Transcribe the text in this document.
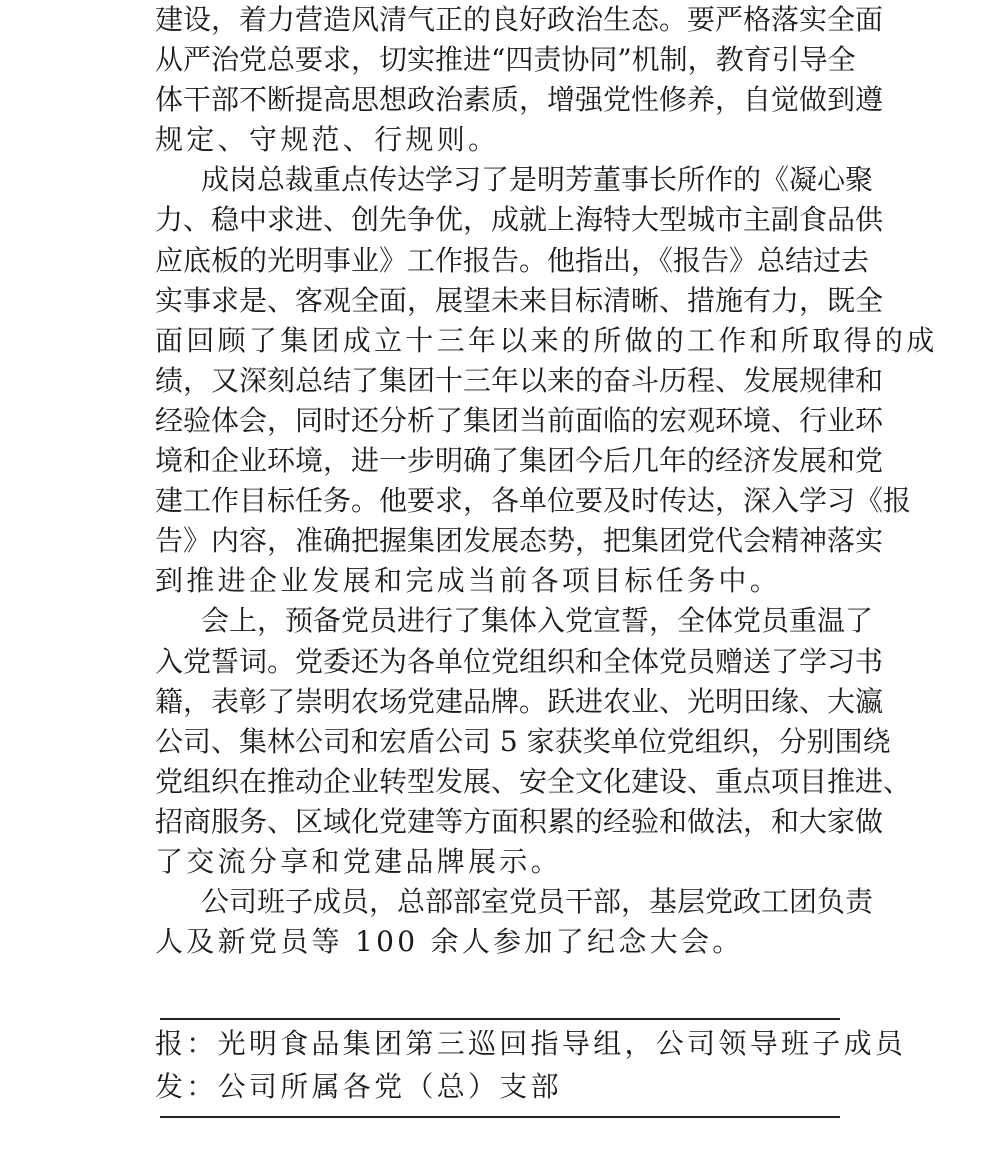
建设，着力营造风清气正的良好政治生态。要严格落实全面
从严治党总要求，切实推进“四责协同”机制，教育引导全
体干部不断提高思想政治素质，增强党性修养，自觉做到遵
规定、守规范、行规则。
成岗总裁重点传达学习了是明芳董事长所作的《凝心聚
力、稳中求进、创先争优，成就上海特大型城市主副食品供
应底板的光明事业》工作报告。他指出，《报告》总结过去
实事求是、客观全面，展望未来目标清晰、措施有力，既全
面回顾了集团成立十三年以来的所做的工作和所取得的成
绩，又深刻总结了集团十三年以来的奋斗历程、发展规律和
经验体会，同时还分析了集团当前面临的宏观环境、行业环
境和企业环境，进一步明确了集团今后几年的经济发展和党
建工作目标任务。他要求，各单位要及时传达，深入学习《报
告》内容，准确把握集团发展态势，把集团党代会精神落实
到推进企业发展和完成当前各项目标任务中。
会上，预备党员进行了集体入党宣誓，全体党员重温了
入党誓词。党委还为各单位党组织和全体党员赠送了学习书
籍，表彰了崇明农场党建品牌。跃进农业、光明田缘、大瀛
公司、集林公司和宏盾公司 5 家获奖单位党组织，分别围绕
党组织在推动企业转型发展、安全文化建设、重点项目推进、
招商服务、区域化党建等方面积累的经验和做法，和大家做
了交流分享和党建品牌展示。
公司班子成员，总部部室党员干部，基层党政工团负责
人及新党员等 100 余人参加了纪念大会。
报：光明食品集团第三巡回指导组，公司领导班子成员
发：公司所属各党（总）支部
